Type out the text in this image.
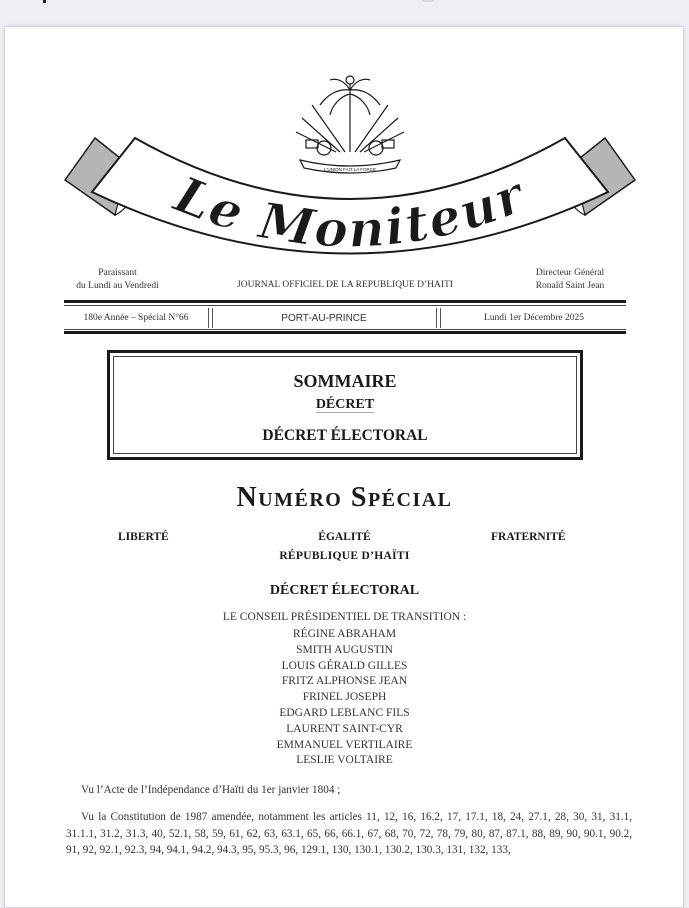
Le Moniteur
L'UNION FAIT LA FORCE
Paraissant
du Lundi au Vendredi	JOURNAL OFFICIEL DE LA REPUBLIQUE D’HAITI
Directeur Général
Ronald Saint Jean
180e Année – Spécial N°66	PORT-AU-PRINCE	Lundi 1er Décembre 2025
SOMMAIRE
DÉCRET
DÉCRET ÉLECTORAL
Numéro Spécial
LIBERTÉ	ÉGALITÉ	FRATERNITÉ
RÉPUBLIQUE D’HAÏTI
DÉCRET ÉLECTORAL
LE CONSEIL PRÉSIDENTIEL DE TRANSITION :
RÉGINE ABRAHAM
SMITH AUGUSTIN
LOUIS GÉRALD GILLES
FRITZ ALPHONSE JEAN
FRINEL JOSEPH
EDGARD LEBLANC FILS
LAURENT SAINT-CYR
EMMANUEL VERTILAIRE
LESLIE VOLTAIRE
Vu l’Acte de l’Indépendance d’Haïti du 1er janvier 1804 ;
Vu la Constitution de 1987 amendée, notamment les articles 11, 12, 16, 16.2, 17, 17.1, 18, 24, 27.1, 28, 30, 31, 31.1, 31.1.1, 31.2, 31.3, 40, 52.1, 58, 59, 61, 62, 63, 63.1, 65, 66, 66.1, 67, 68, 70, 72, 78, 79, 80, 87, 87.1, 88, 89, 90, 90.1, 90.2, 91, 92, 92.1, 92.3, 94, 94.1, 94.2, 94.3, 95, 95.3, 96, 129.1, 130, 130.1, 130.2, 130.3, 131, 132, 133,
